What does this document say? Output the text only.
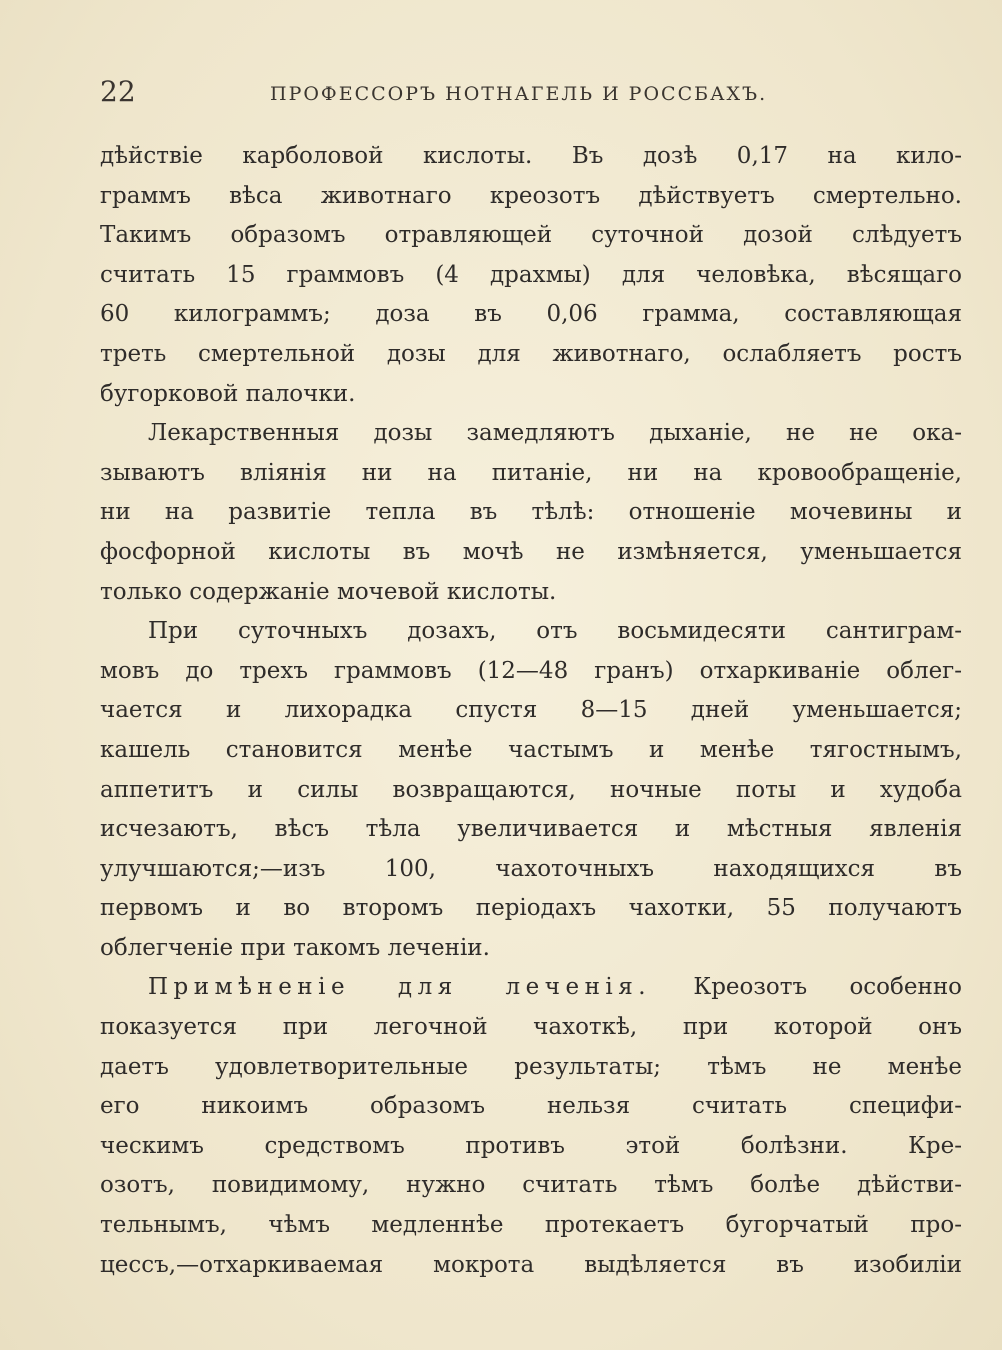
22	ПРОФЕССОРЪ НОТНАГЕЛЬ И РОССБАХЪ.
дѣйствіе карболовой кислоты. Въ дозѣ 0,17 на кило-
граммъ вѣса животнаго креозотъ дѣйствуетъ смертельно.
Такимъ образомъ отравляющей суточной дозой слѣдуетъ
считать 15 граммовъ (4 драхмы) для человѣка, вѣсящаго
60 килограммъ; доза въ 0,06 грамма, составляющая
треть смертельной дозы для животнаго, ослабляетъ ростъ
бугорковой палочки.
Лекарственныя дозы замедляютъ дыханіе, не не ока-
зываютъ вліянія ни на питаніе, ни на кровообращеніе,
ни на развитіе тепла въ тѣлѣ: отношеніе мочевины и
фосфорной кислоты въ мочѣ не измѣняется, уменьшается
только содержаніе мочевой кислоты.
При суточныхъ дозахъ, отъ восьмидесяти сантиграм-
мовъ до трехъ граммовъ (12—48 гранъ) отхаркиваніе облег-
чается и лихорадка спустя 8—15 дней уменьшается;
кашель становится менѣе частымъ и менѣе тягостнымъ,
аппетитъ и силы возвращаются, ночные поты и худоба
исчезаютъ, вѣсъ тѣла увеличивается и мѣстныя явленія
улучшаются;—изъ 100, чахоточныхъ находящихся въ
первомъ и во второмъ періодахъ чахотки, 55 получаютъ
облегченіе при такомъ леченіи.
Примѣненіе для леченія. Креозотъ особенно
показуется при легочной чахоткѣ, при которой онъ
даетъ удовлетворительные результаты; тѣмъ не менѣе
его никоимъ образомъ нельзя считать специфи-
ческимъ средствомъ противъ этой болѣзни. Кре-
озотъ, повидимому, нужно считать тѣмъ болѣе дѣйстви-
тельнымъ, чѣмъ медленнѣе протекаетъ бугорчатый про-
цессъ,—отхаркиваемая мокрота выдѣляется въ изобиліи
